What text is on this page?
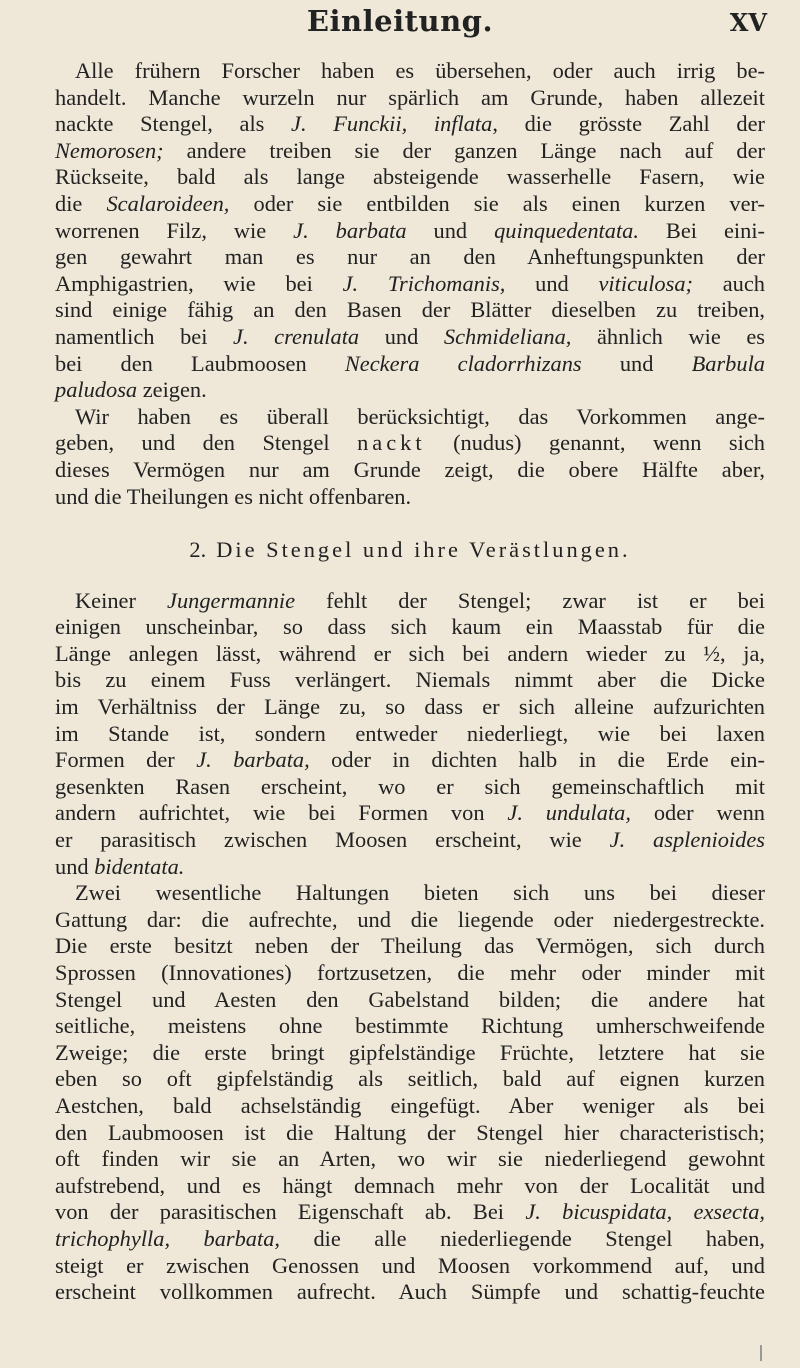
Einleitung.	XV

Alle frühern Forscher haben es übersehen, oder auch irrig be-

handelt. Manche wurzeln nur spärlich am Grunde, haben allezeit

nackte Stengel, als J. Funckii, inflata, die grösste Zahl der

Nemorosen; andere treiben sie der ganzen Länge nach auf der

Rückseite, bald als lange absteigende wasserhelle Fasern, wie

die Scalaroideen, oder sie entbilden sie als einen kurzen ver-

worrenen Filz, wie J. barbata und quinquedentata. Bei eini-

gen gewahrt man es nur an den Anheftungspunkten der

Amphigastrien, wie bei J. Trichomanis, und viticulosa; auch

sind einige fähig an den Basen der Blätter dieselben zu treiben,

namentlich bei J. crenulata und Schmideliana, ähnlich wie es

bei den Laubmoosen Neckera cladorrhizans und Barbula

paludosa zeigen.

Wir haben es überall berücksichtigt, das Vorkommen ange-

geben, und den Stengel nackt (nudus) genannt, wenn sich

dieses Vermögen nur am Grunde zeigt, die obere Hälfte aber,

und die Theilungen es nicht offenbaren.

2. Die Stengel und ihre Verästlungen.

Keiner Jungermannie fehlt der Stengel; zwar ist er bei

einigen unscheinbar, so dass sich kaum ein Maasstab für die

Länge anlegen lässt, während er sich bei andern wieder zu ½, ja,

bis zu einem Fuss verlängert. Niemals nimmt aber die Dicke

im Verhältniss der Länge zu, so dass er sich alleine aufzurichten

im Stande ist, sondern entweder niederliegt, wie bei laxen

Formen der J. barbata, oder in dichten halb in die Erde ein-

gesenkten Rasen erscheint, wo er sich gemeinschaftlich mit

andern aufrichtet, wie bei Formen von J. undulata, oder wenn

er parasitisch zwischen Moosen erscheint, wie J. asplenioides

und bidentata.

Zwei wesentliche Haltungen bieten sich uns bei dieser

Gattung dar: die aufrechte, und die liegende oder niedergestreckte.

Die erste besitzt neben der Theilung das Vermögen, sich durch

Sprossen (Innovationes) fortzusetzen, die mehr oder minder mit

Stengel und Aesten den Gabelstand bilden; die andere hat

seitliche, meistens ohne bestimmte Richtung umherschweifende

Zweige; die erste bringt gipfelständige Früchte, letztere hat sie

eben so oft gipfelständig als seitlich, bald auf eignen kurzen

Aestchen, bald achselständig eingefügt. Aber weniger als bei

den Laubmoosen ist die Haltung der Stengel hier characteristisch;

oft finden wir sie an Arten, wo wir sie niederliegend gewohnt

aufstrebend, und es hängt demnach mehr von der Localität und

von der parasitischen Eigenschaft ab. Bei J. bicuspidata, exsecta,

trichophylla, barbata, die alle niederliegende Stengel haben,

steigt er zwischen Genossen und Moosen vorkommend auf, und

erscheint vollkommen aufrecht. Auch Sümpfe und schattig-feuchte
